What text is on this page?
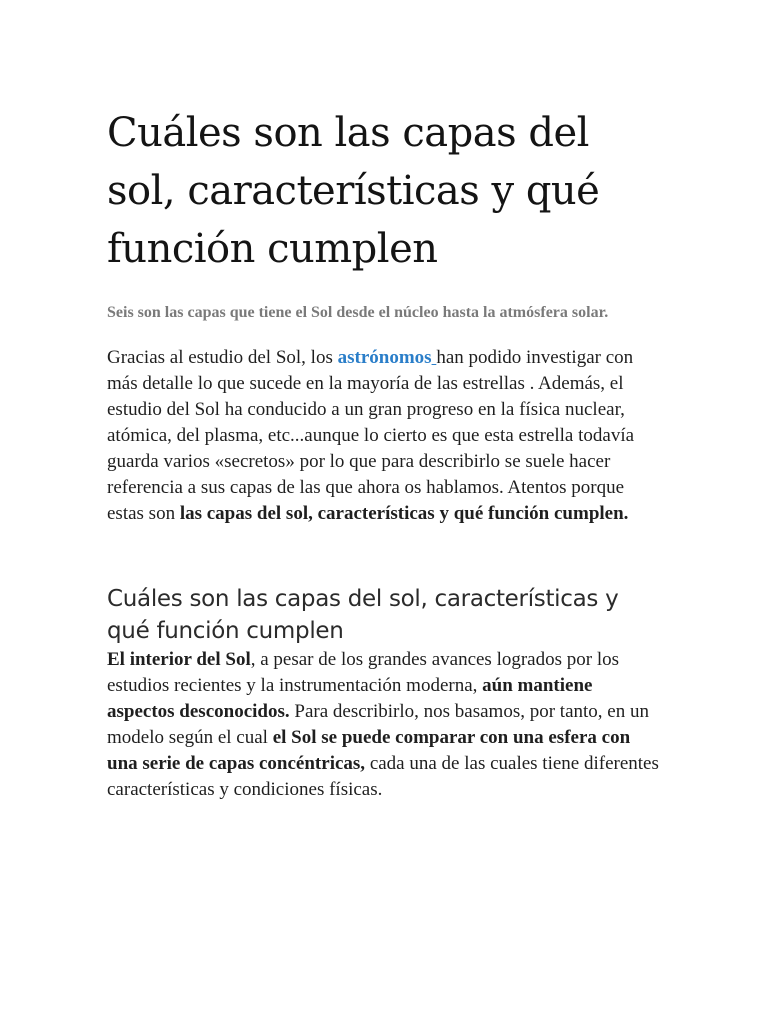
Cuáles son las capas del sol, características y qué función cumplen

Seis son las capas que tiene el Sol desde el núcleo hasta la atmósfera solar.

Gracias al estudio del Sol, los astrónomos han podido investigar con más detalle lo que sucede en la mayoría de las estrellas . Además, el estudio del Sol ha conducido a un gran progreso en la física nuclear, atómica, del plasma, etc...aunque lo cierto es que esta estrella todavía guarda varios «secretos» por lo que para describirlo se suele hacer referencia a sus capas de las que ahora os hablamos. Atentos porque estas son las capas del sol, características y qué función cumplen.

Cuáles son las capas del sol, características y qué función cumplen

El interior del Sol, a pesar de los grandes avances logrados por los estudios recientes y la instrumentación moderna, aún mantiene aspectos desconocidos. Para describirlo, nos basamos, por tanto, en un modelo según el cual el Sol se puede comparar con una esfera con una serie de capas concéntricas, cada una de las cuales tiene diferentes características y condiciones físicas.
